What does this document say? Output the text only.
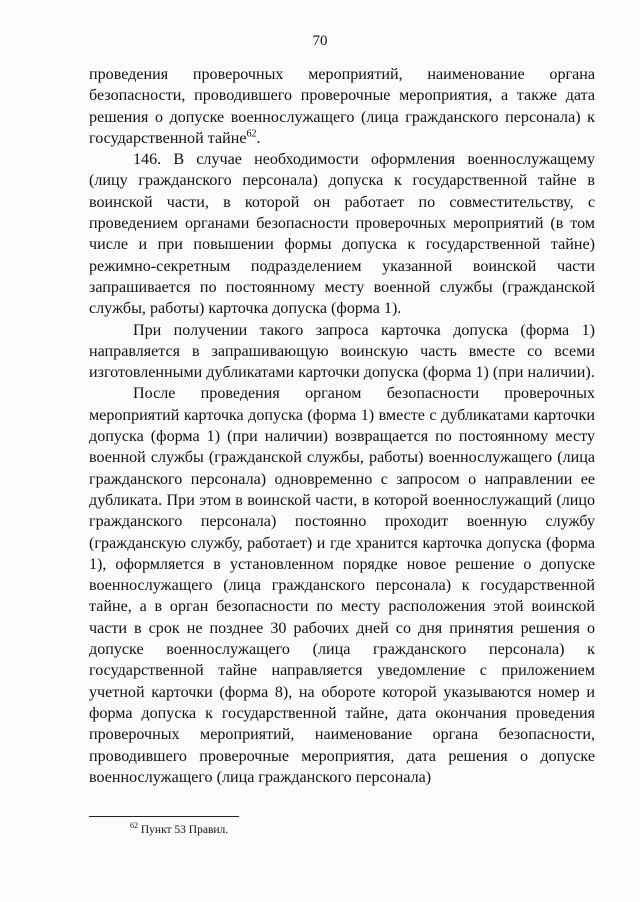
70

проведения проверочных мероприятий, наименование органа безопасности, проводившего проверочные мероприятия, а также дата решения о допуске военнослужащего (лица гражданского персонала) к государственной тайне$^{62}$.

146. В случае необходимости оформления военнослужащему (лицу гражданского персонала) допуска к государственной тайне в воинской части, в которой он работает по совместительству, с проведением органами безопасности проверочных мероприятий (в том числе и при повышении формы допуска к государственной тайне) режимно-секретным подразделением указанной воинской части запрашивается по постоянному месту военной службы (гражданской службы, работы) карточка допуска (форма 1).

При получении такого запроса карточка допуска (форма 1) направляется в запрашивающую воинскую часть вместе со всеми изготовленными дубликатами карточки допуска (форма 1) (при наличии).

После проведения органом безопасности проверочных мероприятий карточка допуска (форма 1) вместе с дубликатами карточки допуска (форма 1) (при наличии) возвращается по постоянному месту военной службы (гражданской службы, работы) военнослужащего (лица гражданского персонала) одновременно с запросом о направлении ее дубликата. При этом в воинской части, в которой военнослужащий (лицо гражданского персонала) постоянно проходит военную службу (гражданскую службу, работает) и где хранится карточка допуска (форма 1), оформляется в установленном порядке новое решение о допуске военнослужащего (лица гражданского персонала) к государственной тайне, а в орган безопасности по месту расположения этой воинской части в срок не позднее 30 рабочих дней со дня принятия решения о допуске военнослужащего (лица гражданского персонала) к государственной тайне направляется уведомление с приложением учетной карточки (форма 8), на обороте которой указываются номер и форма допуска к государственной тайне, дата окончания проведения проверочных мероприятий, наименование органа безопасности, проводившего проверочные мероприятия, дата решения о допуске военнослужащего (лица гражданского персонала)

$^{62}$ Пункт 53 Правил.
